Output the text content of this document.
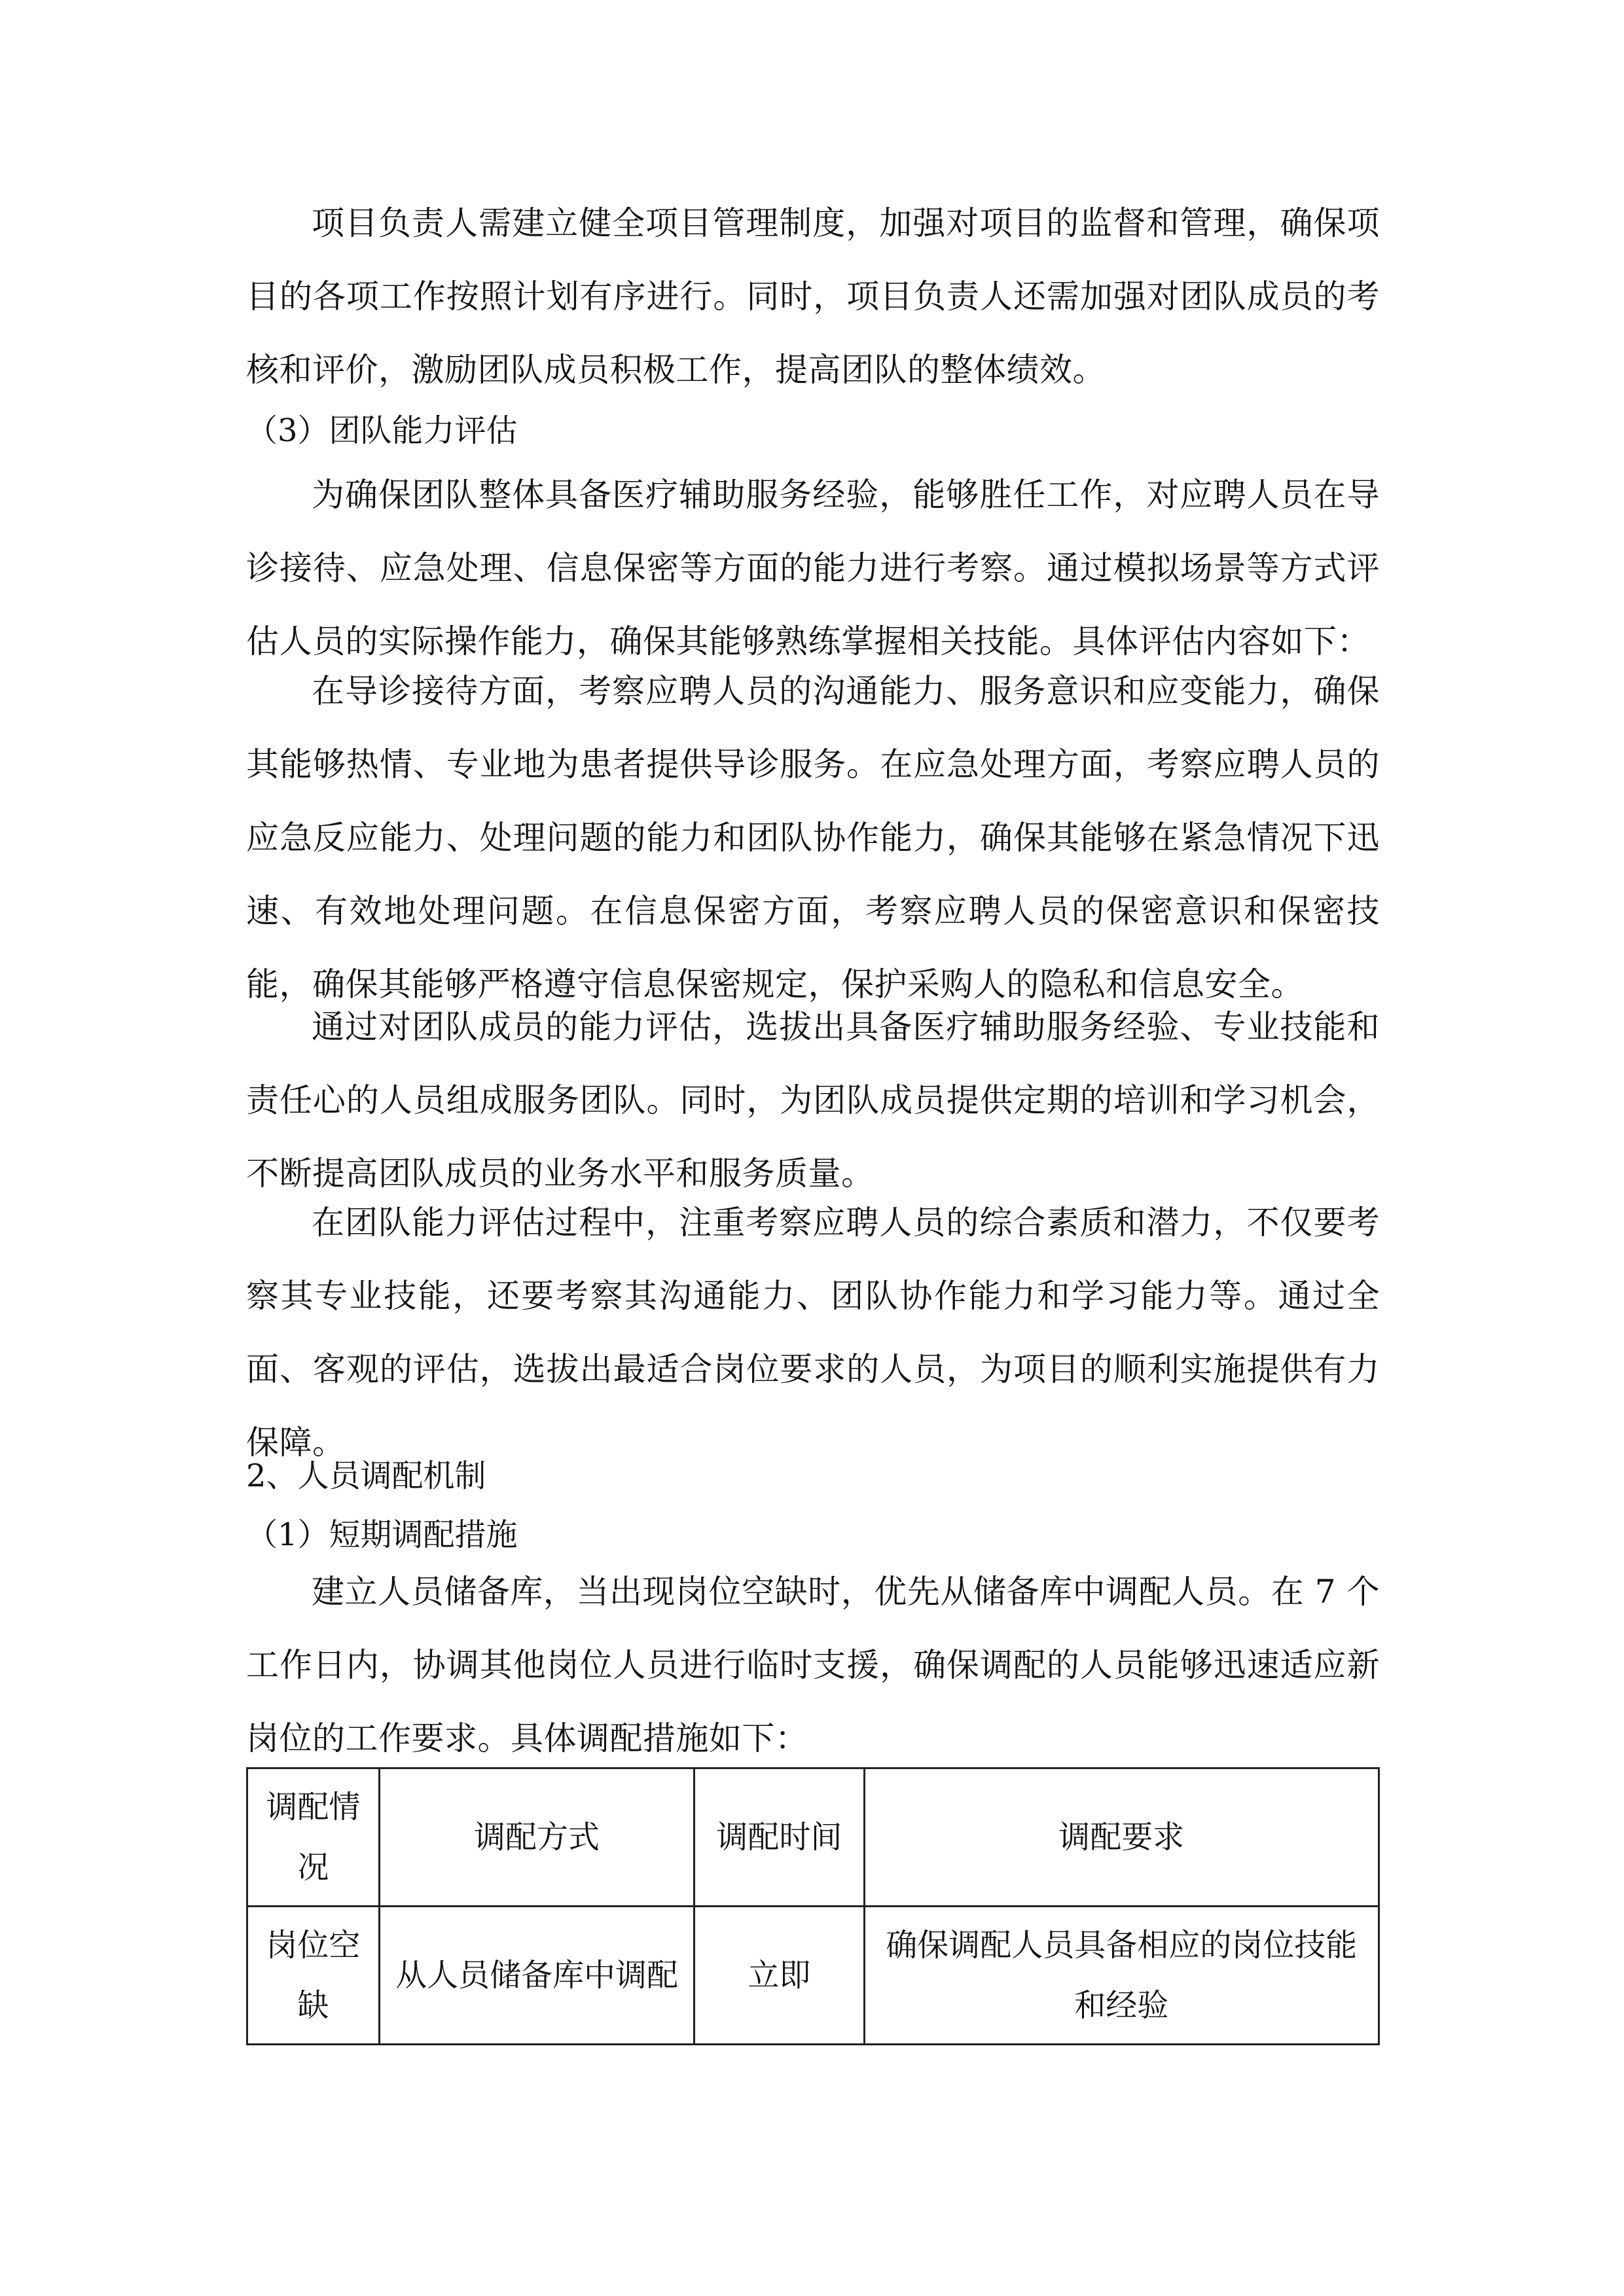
项目负责人需建立健全项目管理制度，加强对项目的监督和管理，确保项目的各项工作按照计划有序进行。同时，项目负责人还需加强对团队成员的考核和评价，激励团队成员积极工作，提高团队的整体绩效。

（3）团队能力评估

为确保团队整体具备医疗辅助服务经验，能够胜任工作，对应聘人员在导诊接待、应急处理、信息保密等方面的能力进行考察。通过模拟场景等方式评估人员的实际操作能力，确保其能够熟练掌握相关技能。具体评估内容如下：

在导诊接待方面，考察应聘人员的沟通能力、服务意识和应变能力，确保其能够热情、专业地为患者提供导诊服务。在应急处理方面，考察应聘人员的应急反应能力、处理问题的能力和团队协作能力，确保其能够在紧急情况下迅速、有效地处理问题。在信息保密方面，考察应聘人员的保密意识和保密技能，确保其能够严格遵守信息保密规定，保护采购人的隐私和信息安全。

通过对团队成员的能力评估，选拔出具备医疗辅助服务经验、专业技能和责任心的人员组成服务团队。同时，为团队成员提供定期的培训和学习机会，不断提高团队成员的业务水平和服务质量。

在团队能力评估过程中，注重考察应聘人员的综合素质和潜力，不仅要考察其专业技能，还要考察其沟通能力、团队协作能力和学习能力等。通过全面、客观的评估，选拔出最适合岗位要求的人员，为项目的顺利实施提供有力保障。

2、人员调配机制

（1）短期调配措施

建立人员储备库，当出现岗位空缺时，优先从储备库中调配人员。在 7 个工作日内，协调其他岗位人员进行临时支援，确保调配的人员能够迅速适应新岗位的工作要求。具体调配措施如下：

调配情况	调配方式	调配时间	调配要求
岗位空缺	从人员储备库中调配	立即	确保调配人员具备相应的岗位技能和经验
